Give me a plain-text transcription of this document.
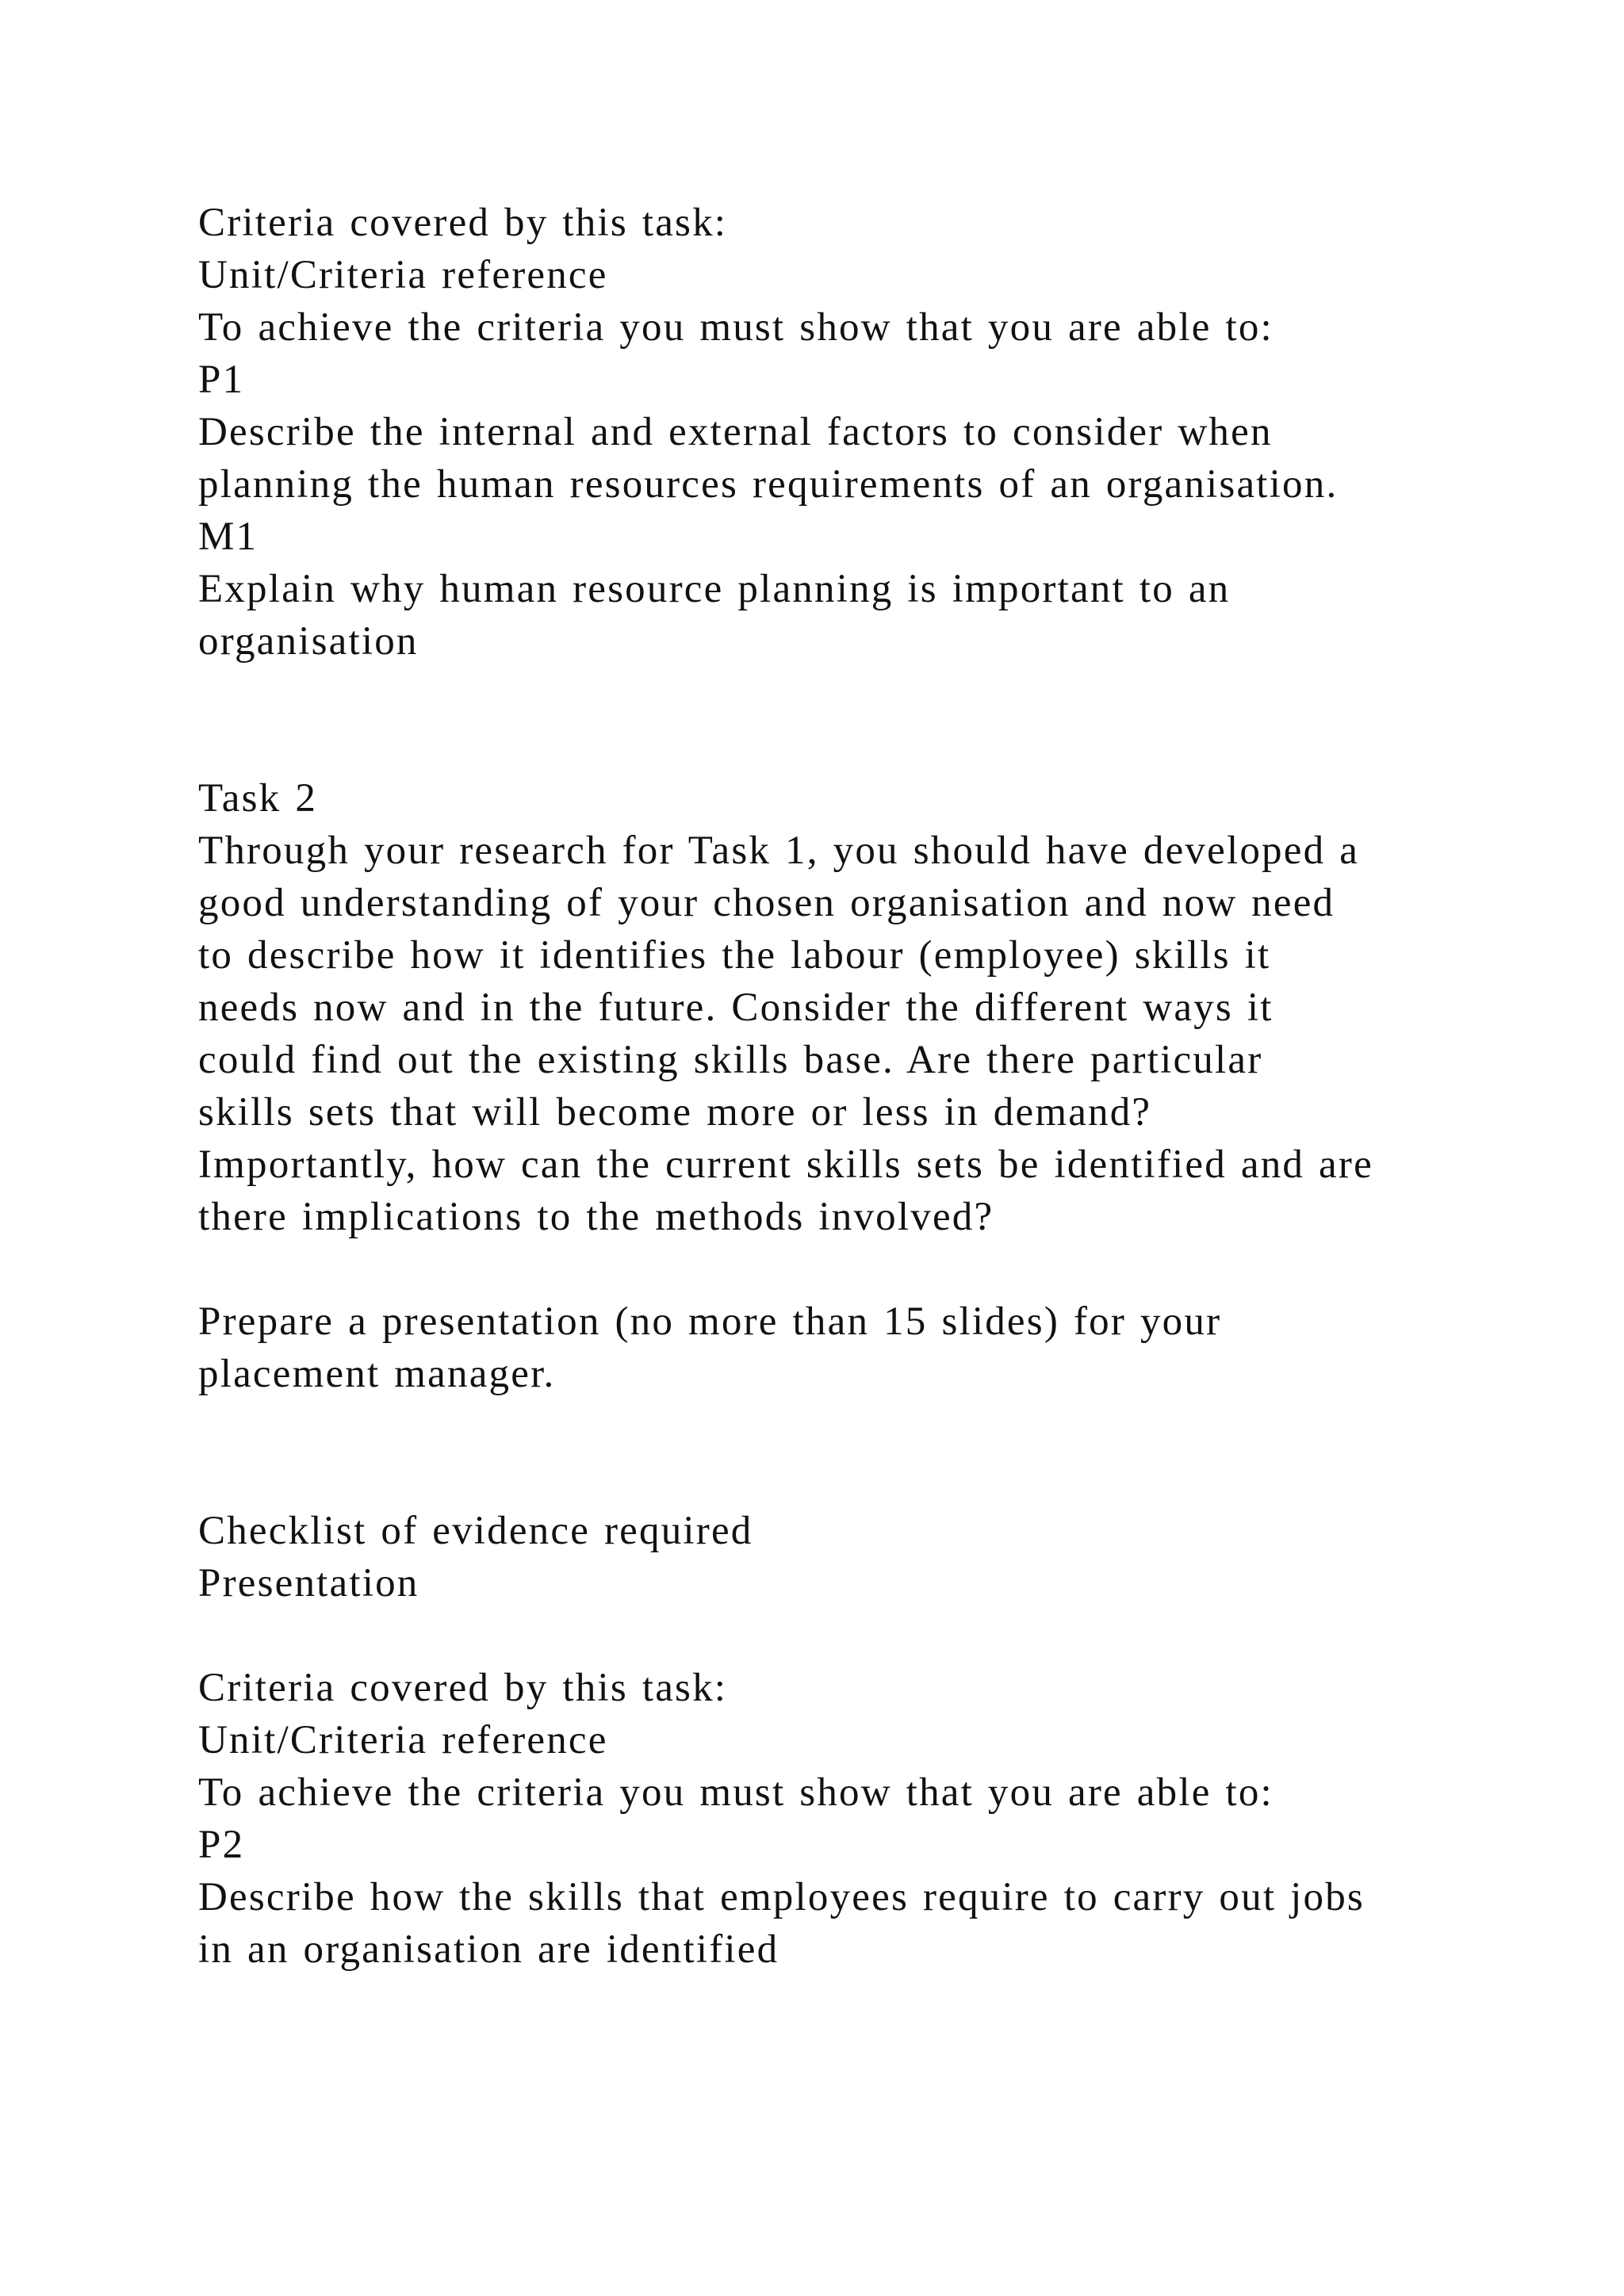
Criteria covered by this task:
Unit/Criteria reference
To achieve the criteria you must show that you are able to:
P1
Describe the internal and external factors to consider when
planning the human resources requirements of an organisation.
M1
Explain why human resource planning is important to an
organisation
Task 2
Through your research for Task 1, you should have developed a
good understanding of your chosen organisation and now need
to describe how it identifies the labour (employee) skills it
needs now and in the future. Consider the different ways it
could find out the existing skills base. Are there particular
skills sets that will become more or less in demand?
Importantly, how can the current skills sets be identified and are
there implications to the methods involved?
Prepare a presentation (no more than 15 slides) for your
placement manager.
Checklist of evidence required
Presentation
Criteria covered by this task:
Unit/Criteria reference
To achieve the criteria you must show that you are able to:
P2
Describe how the skills that employees require to carry out jobs
in an organisation are identified
